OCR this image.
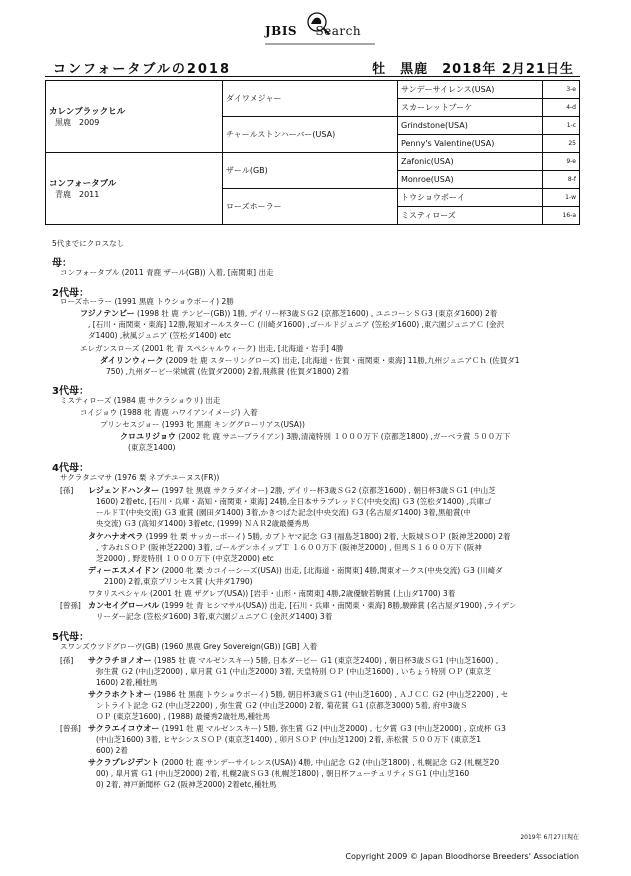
JBIS Search
コンフォータブルの2018	牡　黒鹿　2018年 2月21日生
カレンブラックヒル
黒鹿　2009	ダイワメジャー	サンデーサイレンス(USA)	3-e
		スカーレットブーケ	4-d
	チャールストンハーバー(USA)	Grindstone(USA)	1-c
		Penny's Valentine(USA)	25

コンフォータブル
青鹿　2011	ザール(GB)	Zafonic(USA)	9-e
		Monroe(USA)	8-f
	ローズホーラー	トウショウボーイ	1-w
		ミスティローズ	16-a
5代までにクロスなし
母：
コンフォータブル (2011 青鹿 ザール(GB)) 入着, [南関東] 出走
2代母：
ローズホーラー (1991 黒鹿 トウショウボーイ) 2勝
フジノテンビー (1998 牡 鹿 テンビー(GB)) 1勝, デイリー杯3歳ＳＧ2 (京都芝1600) , ユニコーンＳＧ3 (東京ダ1600) 2着
, [石川・南関東・東海] 12勝,報知オールスターＣ (川崎ダ1600) ,ゴールドジュニア (笠松ダ1600) ,東六園ジュニアＣ (金沢
ダ1400) ,秋風ジュニア (笠松ダ1400) etc
エレガンスローズ (2001 牝 青 スペシャルウィーク) 出走, [北海道・岩手] 4勝
ダイリンウィーク (2009 牡 鹿 スターリングローズ) 出走, [北海道・佐賀・南関東・東海] 11勝,九州ジュニアＣｈ (佐賀ダ1
750) ,九州ダービー栄城賞 (佐賀ダ2000) 2着,飛燕賞 (佐賀ダ1800) 2着
3代母：
ミスティローズ (1984 鹿 サクラショウリ) 出走
コイジョウ (1988 牝 青鹿 ハワイアンイメージ) 入着
プリンセスジョー (1993 牝 黒鹿 キンググローリアス(USA))
クロユリジョウ (2002 牝 鹿 サニーブライアン) 3勝,清滝特別 １０００万下 (京都芝1800) ,ガーベラ賞 ５００万下
(東京芝1400)
4代母：
サクラタニマサ (1976 栗 ネプテユーヌス(FR))
[孫] レジェンドハンター (1997 牡 黒鹿 サクラダイオー) 2勝, デイリー杯3歳ＳＧ2 (京都芝1600) , 朝日杯3歳ＳＧ1 (中山芝
1600) 2着etc, [石川・兵庫・高知・南関東・東海] 24勝,全日本サラブレッドＣ(中央交流) Ｇ3 (笠松ダ1400) ,兵庫ゴ
ールドＴ(中央交流) Ｇ3 重賞 (園田ダ1400) 3着,かきつばた記念(中央交流) Ｇ3 (名古屋ダ1400) 3着,黒船賞(中
央交流) Ｇ3 (高知ダ1400) 3着etc, (1999) ＮＡＲ2歳最優秀馬
タケハナオペラ (1999 牡 栗 サッカーボーイ) 5勝, カブトヤマ記念 Ｇ3 (福島芝1800) 2着, 大阪城ＳＯＰ (阪神芝2000) 2着
, すみれＳＯＰ (阪神芝2200) 3着, ゴールデンホイップＴ １６００万下 (阪神芝2000) , 但馬Ｓ１６００万下 (阪神
芝2000) , 野麦特別 １０００万下 (中京芝2000) etc
ディーエスメイドン (2000 牝 栗 カコイーシーズ(USA)) 出走, [北海道・南関東] 4勝,関東オークス(中央交流) Ｇ3 (川崎ダ
2100) 2着,東京プリンセス賞 (大井ダ1790)
ワタリスペシャル (2001 牡 鹿 ザグレブ(USA)) [岩手・山形・南関東] 4勝,2歳優駿若駒賞 (上山ダ1700) 3着
[曾孫] カンセイグローバル (1999 牡 青 ヒシマサル(USA)) 出走, [石川・兵庫・南関東・東海] 8勝,駿蹄賞 (名古屋ダ1900) ,ライデン
リーダー記念 (笠松ダ1600) 3着,東六園ジュニアＣ (金沢ダ1400) 3着
5代母：
スワンズウツドグローヴ(GB) (1960 黒鹿 Grey Sovereign(GB)) [GB] 入着
[孫] サクラチヨノオー (1985 牡 鹿 マルゼンスキー) 5勝, 日本ダービー Ｇ1 (東京芝2400) , 朝日杯3歳ＳＧ1 (中山芝1600) ,
弥生賞 Ｇ2 (中山芝2000) , 皐月賞 Ｇ1 (中山芝2000) 3着, 天皇特別 ＯＰ (中山芝1600) , いちょう特別 ＯＰ (東京芝
1600) 2着,種牡馬
サクラホクトオー (1986 牡 黒鹿 トウショウボーイ) 5勝, 朝日杯3歳ＳＧ1 (中山芝1600) , ＡＪＣＣ Ｇ2 (中山芝2200) , セ
ントライト記念 Ｇ2 (中山芝2200) , 弥生賞 Ｇ2 (中山芝2000) 2着, 菊花賞 Ｇ1 (京都芝3000) 5着, 府中3歳Ｓ
ＯＰ (東京芝1600) , (1988) 最優秀2歳牡馬,種牡馬
[曾孫] サクラエイコウオー (1991 牡 鹿 マルゼンスキー) 5勝, 弥生賞 Ｇ2 (中山芝2000) , 七夕賞 Ｇ3 (中山芝2000) , 京成杯 Ｇ3
(中山芝1600) 3着, ヒヤシンスＳＯＰ (東京芝1400) , 卯月ＳＯＰ (中山芝1200) 2着, 赤松賞 ５００万下 (東京芝1
600) 2着
サクラプレジデント (2000 牡 鹿 サンデーサイレンス(USA)) 4勝, 中山記念 Ｇ2 (中山芝1800) , 札幌記念 Ｇ2 (札幌芝20
00) , 皐月賞 Ｇ1 (中山芝2000) 2着, 札幌2歳ＳＧ3 (札幌芝1800) , 朝日杯フューチュリティＳＧ1 (中山芝160
0) 2着, 神戸新聞杯 Ｇ2 (阪神芝2000) 2着etc,種牡馬
2019年 6月27日現在
Copyright 2009 © Japan Bloodhorse Breeders' Association
